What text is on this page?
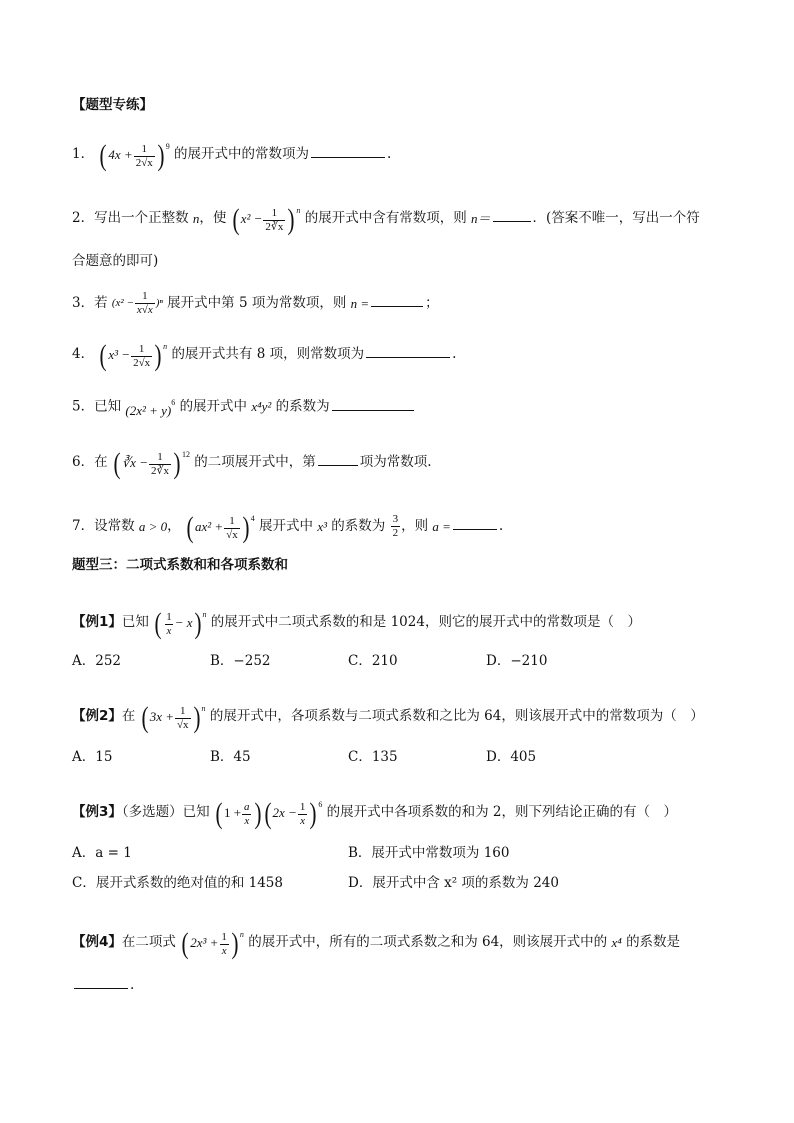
【题型专练】
1． ( $4x + \frac{1}{2√x}$ ) $^9$ 的展开式中的常数项为	.
2．写出一个正整数 n，使 ( $x^2 - \frac{1}{2∛x}$ ) $^n$ 的展开式中含有常数项，则 n＝	．(答案不唯一，写出一个符
合题意的即可)
3．若 $(x^2 - \frac{1}{x√x} )^n$ 展开式中第 5 项为常数项，则 n =	；
4． ( $x^3 - \frac{1}{2√x}$ ) $^n$ 的展开式共有 8 项，则常数项为	.
5．已知 $(2x^2 + y)^6$ 的展开式中 x⁴y² 的系数为
6．在 ( ∛x − $\frac{1}{2∛x}$ ) $^{12}$ 的二项展开式中，第	项为常数项.
7．设常数 a > 0， ( $ax^2 + \frac{1}{√x}$ ) $^4$ 展开式中 x³ 的系数为 $\frac{3}{2}$ ，则 a =	.
题型三：二项式系数和和各项系数和
【例1】已知 ( $\frac{1}{x} - x$) $^n$ 的展开式中二项式系数的和是 1024，则它的展开式中的常数项是（　）
A．252	B．−252	C．210	D．−210
【例2】在 ( $3x + \frac{1}{√x}$ ) $^n$ 的展开式中，各项系数与二项式系数和之比为 64，则该展开式中的常数项为（　）
A．15	B．45	C．135	D．405
【例3】（多选题）已知 ( $1 + \frac{a}{x}$ ) ( $2x - \frac{1}{x}$ ) $^6$ 的展开式中各项系数的和为 2，则下列结论正确的有（　）
A．a = 1	B．展开式中常数项为 160
C．展开式系数的绝对值的和 1458	D．展开式中含 x² 项的系数为 240
【例4】在二项式 ( $2x^3 + \frac{1}{x}$ ) $^n$ 的展开式中，所有的二项式系数之和为 64，则该展开式中的 x⁴ 的系数是
.
